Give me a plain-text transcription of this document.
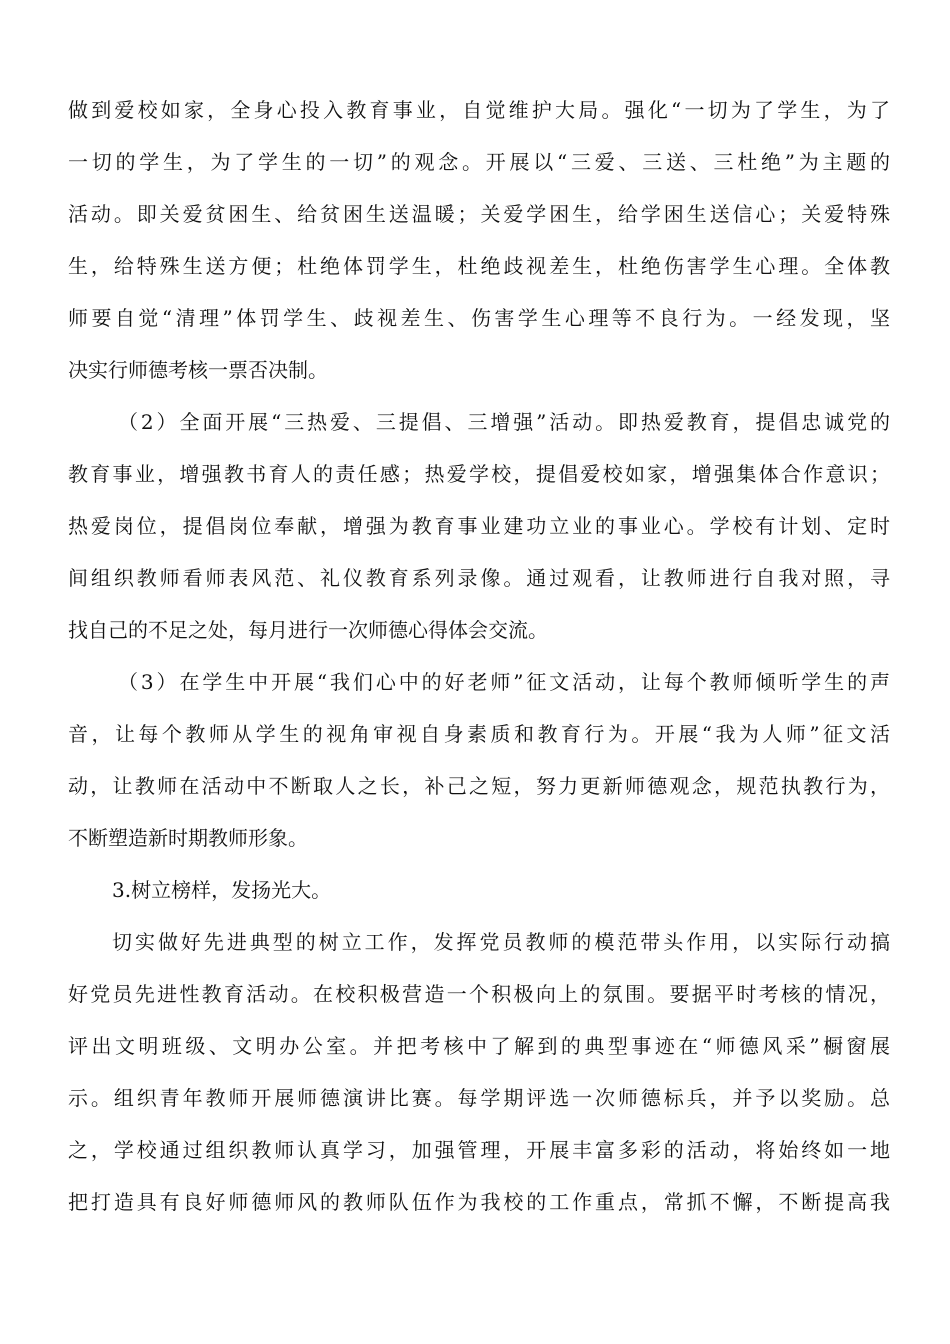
做到爱校如家，全身心投入教育事业，自觉维护大局。强化“一切为了学生，为了
一切的学生，为了学生的一切”的观念。开展以“三爱、三送、三杜绝”为主题的
活动。即关爱贫困生、给贫困生送温暖；关爱学困生，给学困生送信心；关爱特殊
生，给特殊生送方便；杜绝体罚学生，杜绝歧视差生，杜绝伤害学生心理。全体教
师要自觉“清理”体罚学生、歧视差生、伤害学生心理等不良行为。一经发现，坚
决实行师德考核一票否决制。
（2）全面开展“三热爱、三提倡、三增强”活动。即热爱教育，提倡忠诚党的
教育事业，增强教书育人的责任感；热爱学校，提倡爱校如家，增强集体合作意识；
热爱岗位，提倡岗位奉献，增强为教育事业建功立业的事业心。学校有计划、定时
间组织教师看师表风范、礼仪教育系列录像。通过观看，让教师进行自我对照，寻
找自己的不足之处，每月进行一次师德心得体会交流。
（3）在学生中开展“我们心中的好老师”征文活动，让每个教师倾听学生的声
音，让每个教师从学生的视角审视自身素质和教育行为。开展“我为人师”征文活
动，让教师在活动中不断取人之长，补己之短，努力更新师德观念，规范执教行为，
不断塑造新时期教师形象。
3.树立榜样，发扬光大。
切实做好先进典型的树立工作，发挥党员教师的模范带头作用，以实际行动搞
好党员先进性教育活动。在校积极营造一个积极向上的氛围。要据平时考核的情况，
评出文明班级、文明办公室。并把考核中了解到的典型事迹在“师德风采”橱窗展
示。组织青年教师开展师德演讲比赛。每学期评选一次师德标兵，并予以奖励。总
之，学校通过组织教师认真学习，加强管理，开展丰富多彩的活动，将始终如一地
把打造具有良好师德师风的教师队伍作为我校的工作重点，常抓不懈，不断提高我
